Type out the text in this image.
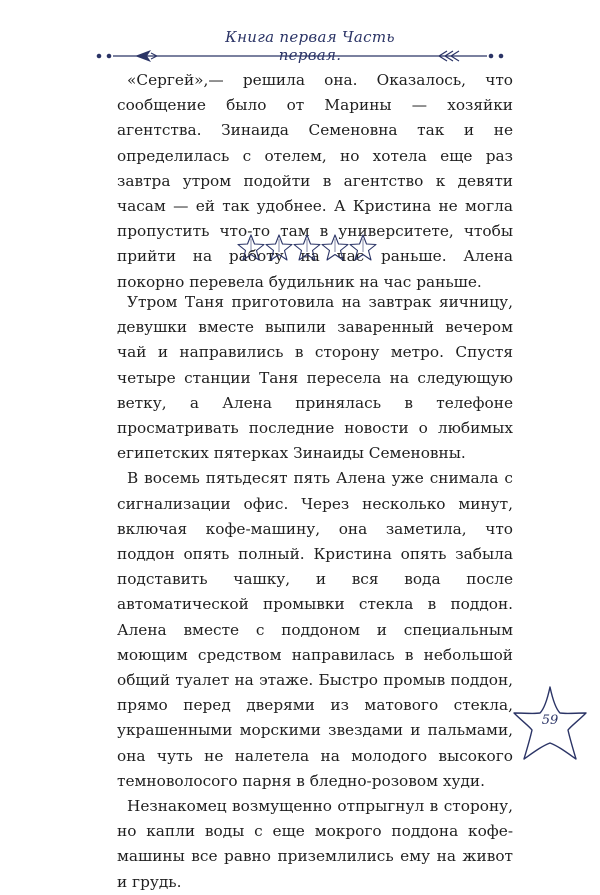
Книга первая Часть первая.

«Сергей»,— решила она. Оказалось, что сообщение было от Марины — хозяйки агентства. Зинаида Семеновна так и не определилась с отелем, но хотела еще раз завтра утром подойти в агентство к девяти часам — ей так удобнее. А Кристина не могла пропустить что-то там в университете, чтобы прийти на работу на час раньше. Алена покорно перевела будильник на час раньше.

Утром Таня приготовила на завтрак яичницу, девушки вместе выпили заваренный вечером чай и направились в сторону метро. Спустя четыре станции Таня пересела на следующую ветку, а Алена принялась в телефоне просматривать последние новости о любимых египетских пятерках Зинаиды Семеновны.

В восемь пятьдесят пять Алена уже снимала с сигнализации офис. Через несколько минут, включая кофе-машину, она заметила, что поддон опять полный. Кристина опять забыла подставить чашку, и вся вода после автоматической промывки стекла в поддон. Алена вместе с поддоном и специальным моющим средством направилась в небольшой общий туалет на этаже. Быстро промыв поддон, прямо перед дверями из матового стекла, украшенными морскими звездами и пальмами, она чуть не налетела на молодого высокого темноволосого парня в бледно-розовом худи.

Незнакомец возмущенно отпрыгнул в сторону, но капли воды с еще мокрого поддона кофе-машины все равно приземлились ему на живот и грудь.

59
